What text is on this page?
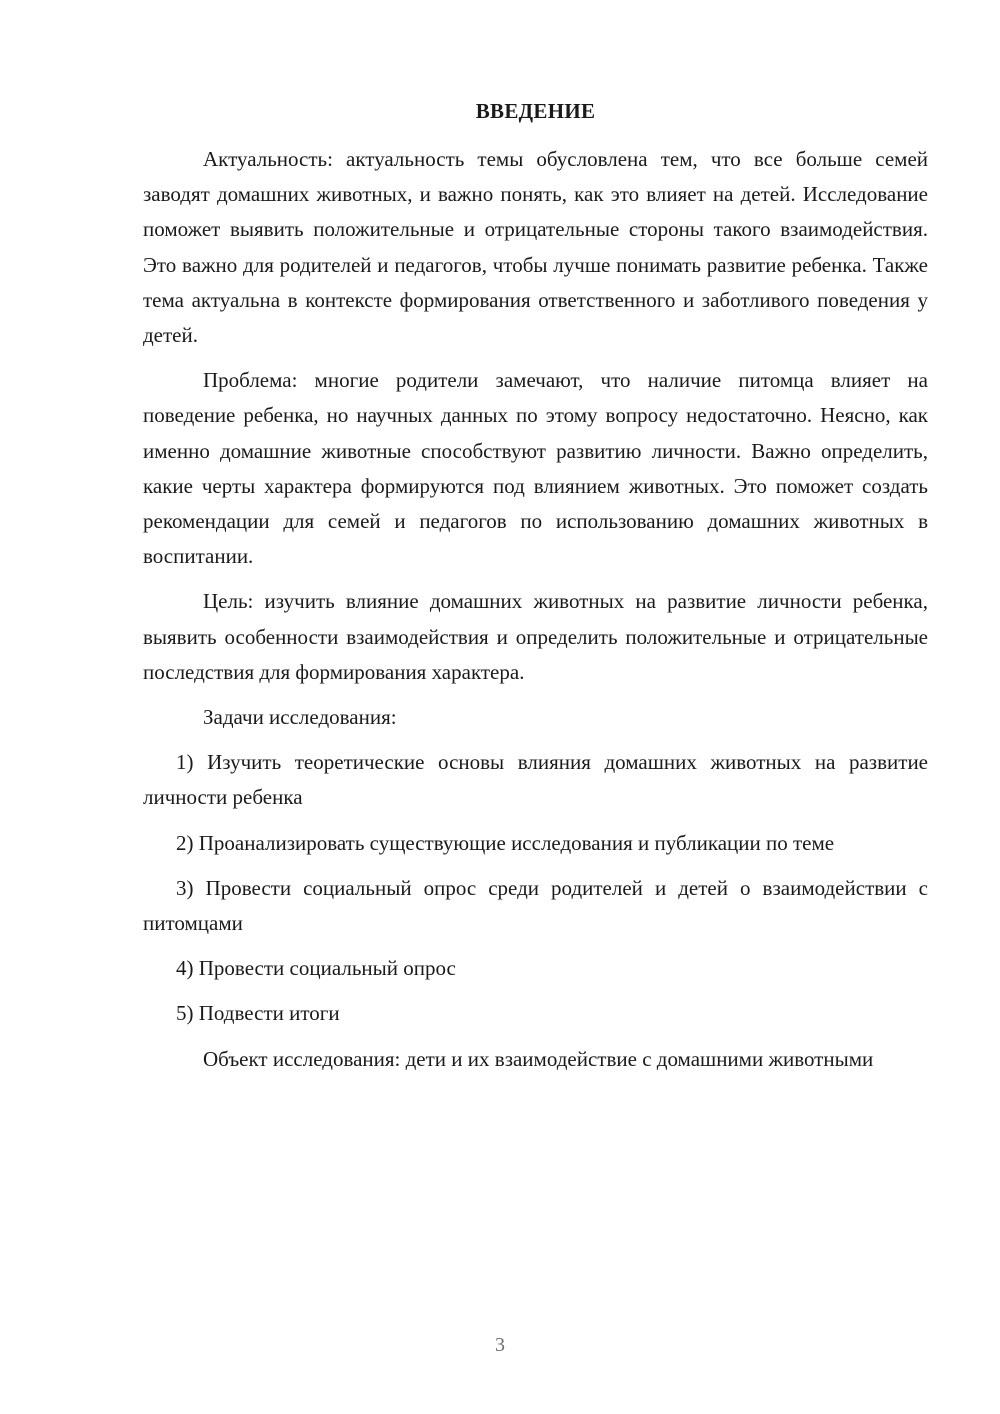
ВВЕДЕНИЕ

Актуальность: актуальность темы обусловлена тем, что все больше семей заводят домашних животных, и важно понять, как это влияет на детей. Исследование поможет выявить положительные и отрицательные стороны такого взаимодействия. Это важно для родителей и педагогов, чтобы лучше понимать развитие ребенка. Также тема актуальна в контексте формирования ответственного и заботливого поведения у детей.

Проблема: многие родители замечают, что наличие питомца влияет на поведение ребенка, но научных данных по этому вопросу недостаточно. Неясно, как именно домашние животные способствуют развитию личности. Важно определить, какие черты характера формируются под влиянием животных. Это поможет создать рекомендации для семей и педагогов по использованию домашних животных в воспитании.

Цель: изучить влияние домашних животных на развитие личности ребенка, выявить особенности взаимодействия и определить положительные и отрицательные последствия для формирования характера.

Задачи исследования:

1) Изучить теоретические основы влияния домашних животных на развитие личности ребенка

2) Проанализировать существующие исследования и публикации по теме

3) Провести социальный опрос среди родителей и детей о взаимодействии с питомцами

4) Провести социальный опрос

5) Подвести итоги

Объект исследования: дети и их взаимодействие с домашними животными

3
